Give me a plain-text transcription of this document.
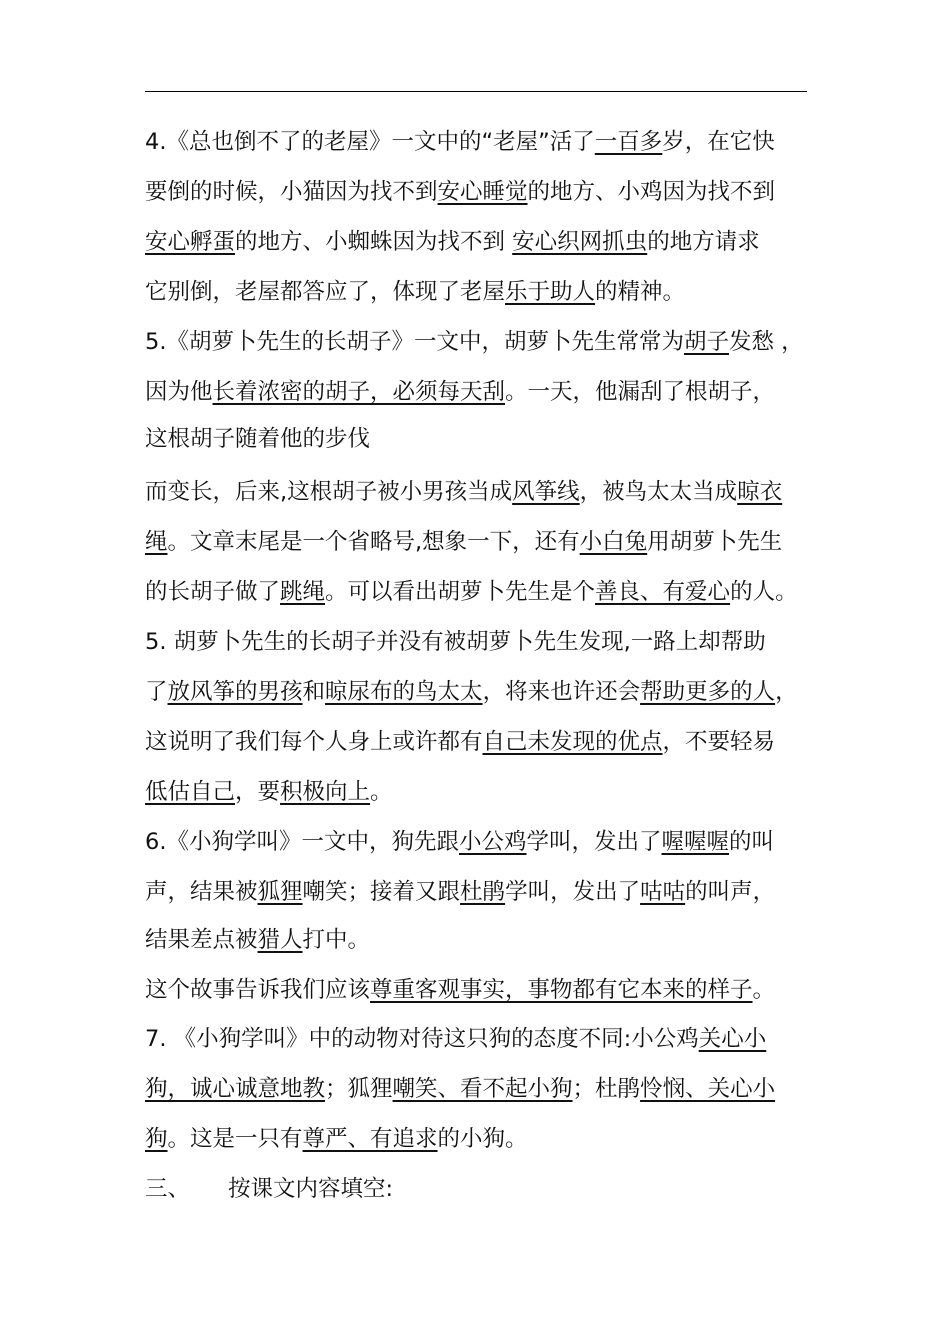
4.《总也倒不了的老屋》一文中的“老屋”活了一百多岁，在它快
要倒的时候，小猫因为找不到安心睡觉的地方、小鸡因为找不到
安心孵蛋的地方、小蜘蛛因为找不到 安心织网抓虫的地方请求
它别倒，老屋都答应了，体现了老屋乐于助人的精神。
5.《胡萝卜先生的长胡子》一文中，胡萝卜先生常常为胡子发愁 ，
因为他长着浓密的胡子，必须每天刮。一天，他漏刮了根胡子，
这根胡子随着他的步伐
而变长，后来,这根胡子被小男孩当成风筝线，被鸟太太当成晾衣
绳。文章末尾是一个省略号,想象一下，还有小白兔用胡萝卜先生
的长胡子做了跳绳。可以看出胡萝卜先生是个善良、有爱心的人。
5. 胡萝卜先生的长胡子并没有被胡萝卜先生发现,一路上却帮助
了放风筝的男孩和晾尿布的鸟太太，将来也许还会帮助更多的人，
这说明了我们每个人身上或许都有自己未发现的优点，不要轻易
低估自己，要积极向上。
6.《小狗学叫》一文中，狗先跟小公鸡学叫，发出了喔喔喔的叫
声，结果被狐狸嘲笑；接着又跟杜鹃学叫，发出了咕咕的叫声，
结果差点被猎人打中。
这个故事告诉我们应该尊重客观事实，事物都有它本来的样子。
7. 《小狗学叫》中的动物对待这只狗的态度不同:小公鸡关心小
狗，诚心诚意地教；狐狸嘲笑、看不起小狗；杜鹃怜悯、关心小
狗。这是一只有尊严、有追求的小狗。
三、 按课文内容填空:
